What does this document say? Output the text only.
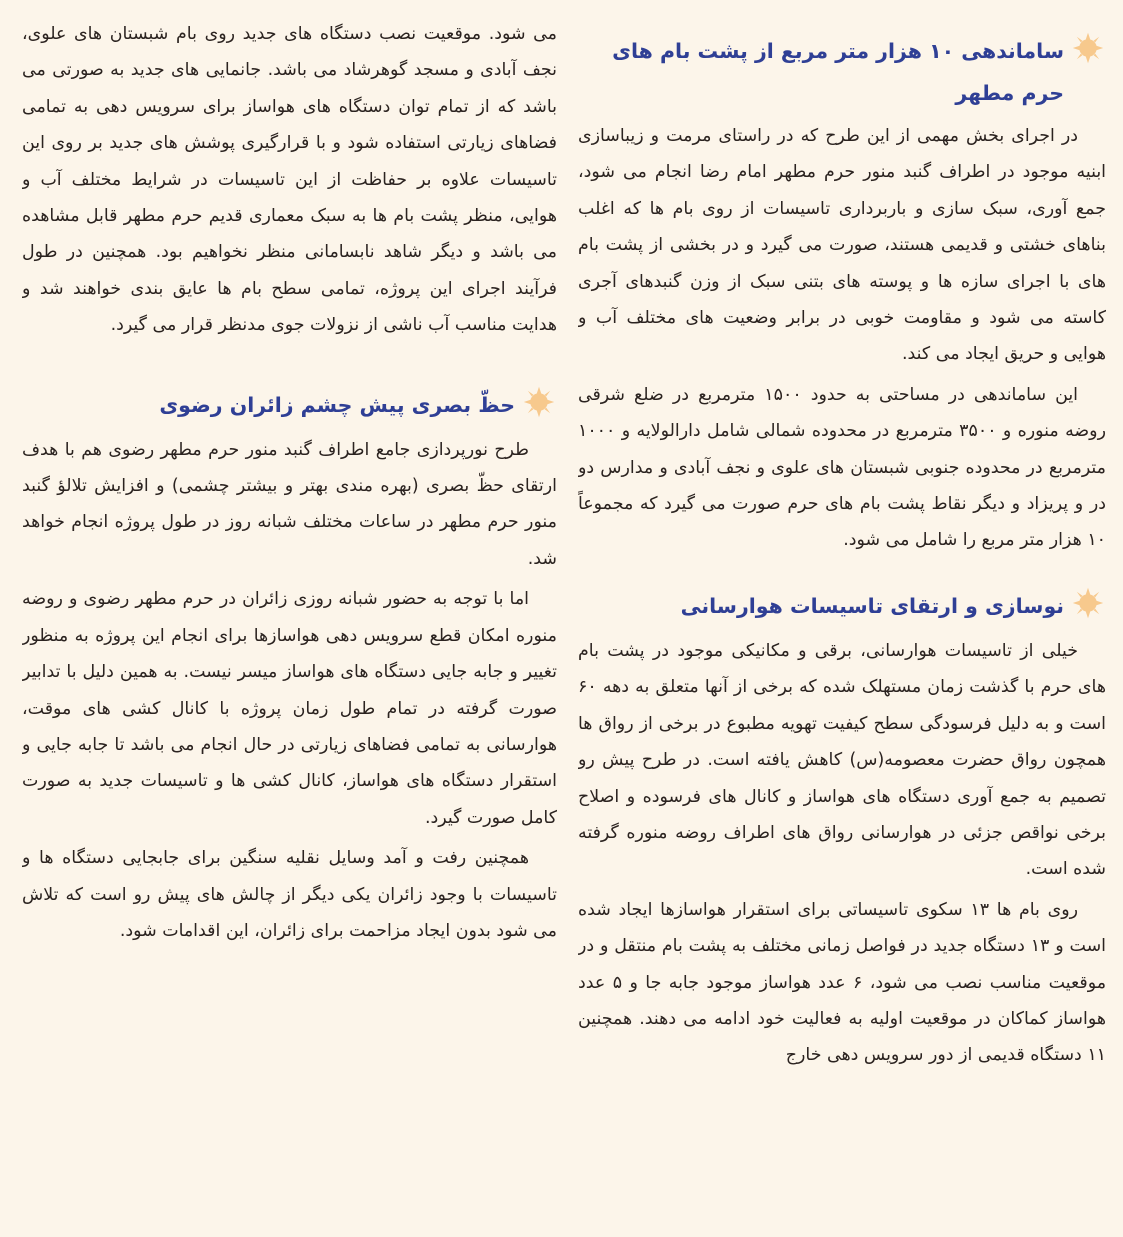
ساماندهی ۱۰ هزار متر مربع از پشت بام های حرم مطهر

در اجرای بخش مهمی از این طرح که در راستای مرمت و زیباسازی ابنیه موجود در اطراف گنبد منور حرم مطهر امام رضا انجام می شود، جمع آوری، سبک سازی و باربرداری تاسیسات از روی بام ها که اغلب بناهای خشتی و قدیمی هستند، صورت می گیرد و در بخشی از پشت بام های با اجرای سازه ها و پوسته های بتنی سبک از وزن گنبدهای آجری کاسته می شود و مقاومت خوبی در برابر وضعیت های مختلف آب و هوایی و حریق ایجاد می کند.

این ساماندهی در مساحتی به حدود ۱۵۰۰ مترمربع در ضلع شرقی روضه منوره و ۳۵۰۰ مترمربع در محدوده شمالی شامل دارالولایه و ۱۰۰۰ مترمربع در محدوده جنوبی شبستان های علوی و نجف آبادی و مدارس دو در و پریزاد و دیگر نقاط پشت بام های حرم صورت می گیرد که مجموعاً ۱۰ هزار متر مربع را شامل می شود.

نوسازی و ارتقای تاسیسات هوارسانی

خیلی از تاسیسات هوارسانی، برقی و مکانیکی موجود در پشت بام های حرم با گذشت زمان مستهلک شده که برخی از آنها متعلق به دهه ۶۰ است و به دلیل فرسودگی سطح کیفیت تهویه مطبوع در برخی از رواق ها همچون رواق حضرت معصومه(س) کاهش یافته است. در طرح پیش رو تصمیم به جمع آوری دستگاه های هواساز و کانال های فرسوده و اصلاح برخی نواقص جزئی در هوارسانی رواق های اطراف روضه منوره گرفته شده است.

روی بام ها ۱۳ سکوی تاسیساتی برای استقرار هواسازها ایجاد شده است و ۱۳ دستگاه جدید در فواصل زمانی مختلف به پشت بام منتقل و در موقعیت مناسب نصب می شود، ۶ عدد هواساز موجود جابه جا و ۵ عدد هواساز کماکان در موقعیت اولیه به فعالیت خود ادامه می دهند. همچنین ۱۱ دستگاه قدیمی از دور سرویس دهی خارج

می شود. موقعیت نصب دستگاه های جدید روی بام شبستان های علوی، نجف آبادی و مسجد گوهرشاد می باشد. جانمایی های جدید به صورتی می باشد که از تمام توان دستگاه های هواساز برای سرویس دهی به تمامی فضاهای زیارتی استفاده شود و با قرارگیری پوشش های جدید بر روی این تاسیسات علاوه بر حفاظت از این تاسیسات در شرایط مختلف آب و هوایی، منظر پشت بام ها به سبک معماری قدیم حرم مطهر قابل مشاهده می باشد و دیگر شاهد نابسامانی منظر نخواهیم بود. همچنین در طول فرآیند اجرای این پروژه، تمامی سطح بام ها عایق بندی خواهند شد و هدایت مناسب آب ناشی از نزولات جوی مدنظر قرار می گیرد.

حظّ بصری پیش چشم زائران رضوی

طرح نورپردازی جامع اطراف گنبد منور حرم مطهر رضوی هم با هدف ارتقای حظّ بصری (بهره مندی بهتر و بیشتر چشمی) و افزایش تلالؤ گنبد منور حرم مطهر در ساعات مختلف شبانه روز در طول پروژه انجام خواهد شد.

اما با توجه به حضور شبانه روزی زائران در حرم مطهر رضوی و روضه منوره امکان قطع سرویس دهی هواسازها برای انجام این پروژه به منظور تغییر و جابه جایی دستگاه های هواساز میسر نیست. به همین دلیل با تدابیر صورت گرفته در تمام طول زمان پروژه با کانال کشی های موقت، هوارسانی به تمامی فضاهای زیارتی در حال انجام می باشد تا جابه جایی و استقرار دستگاه های هواساز، کانال کشی ها و تاسیسات جدید به صورت کامل صورت گیرد.

همچنین رفت و آمد وسایل نقلیه سنگین برای جابجایی دستگاه ها و تاسیسات با وجود زائران یکی دیگر از چالش های پیش رو است که تلاش می شود بدون ایجاد مزاحمت برای زائران، این اقدامات شود.
